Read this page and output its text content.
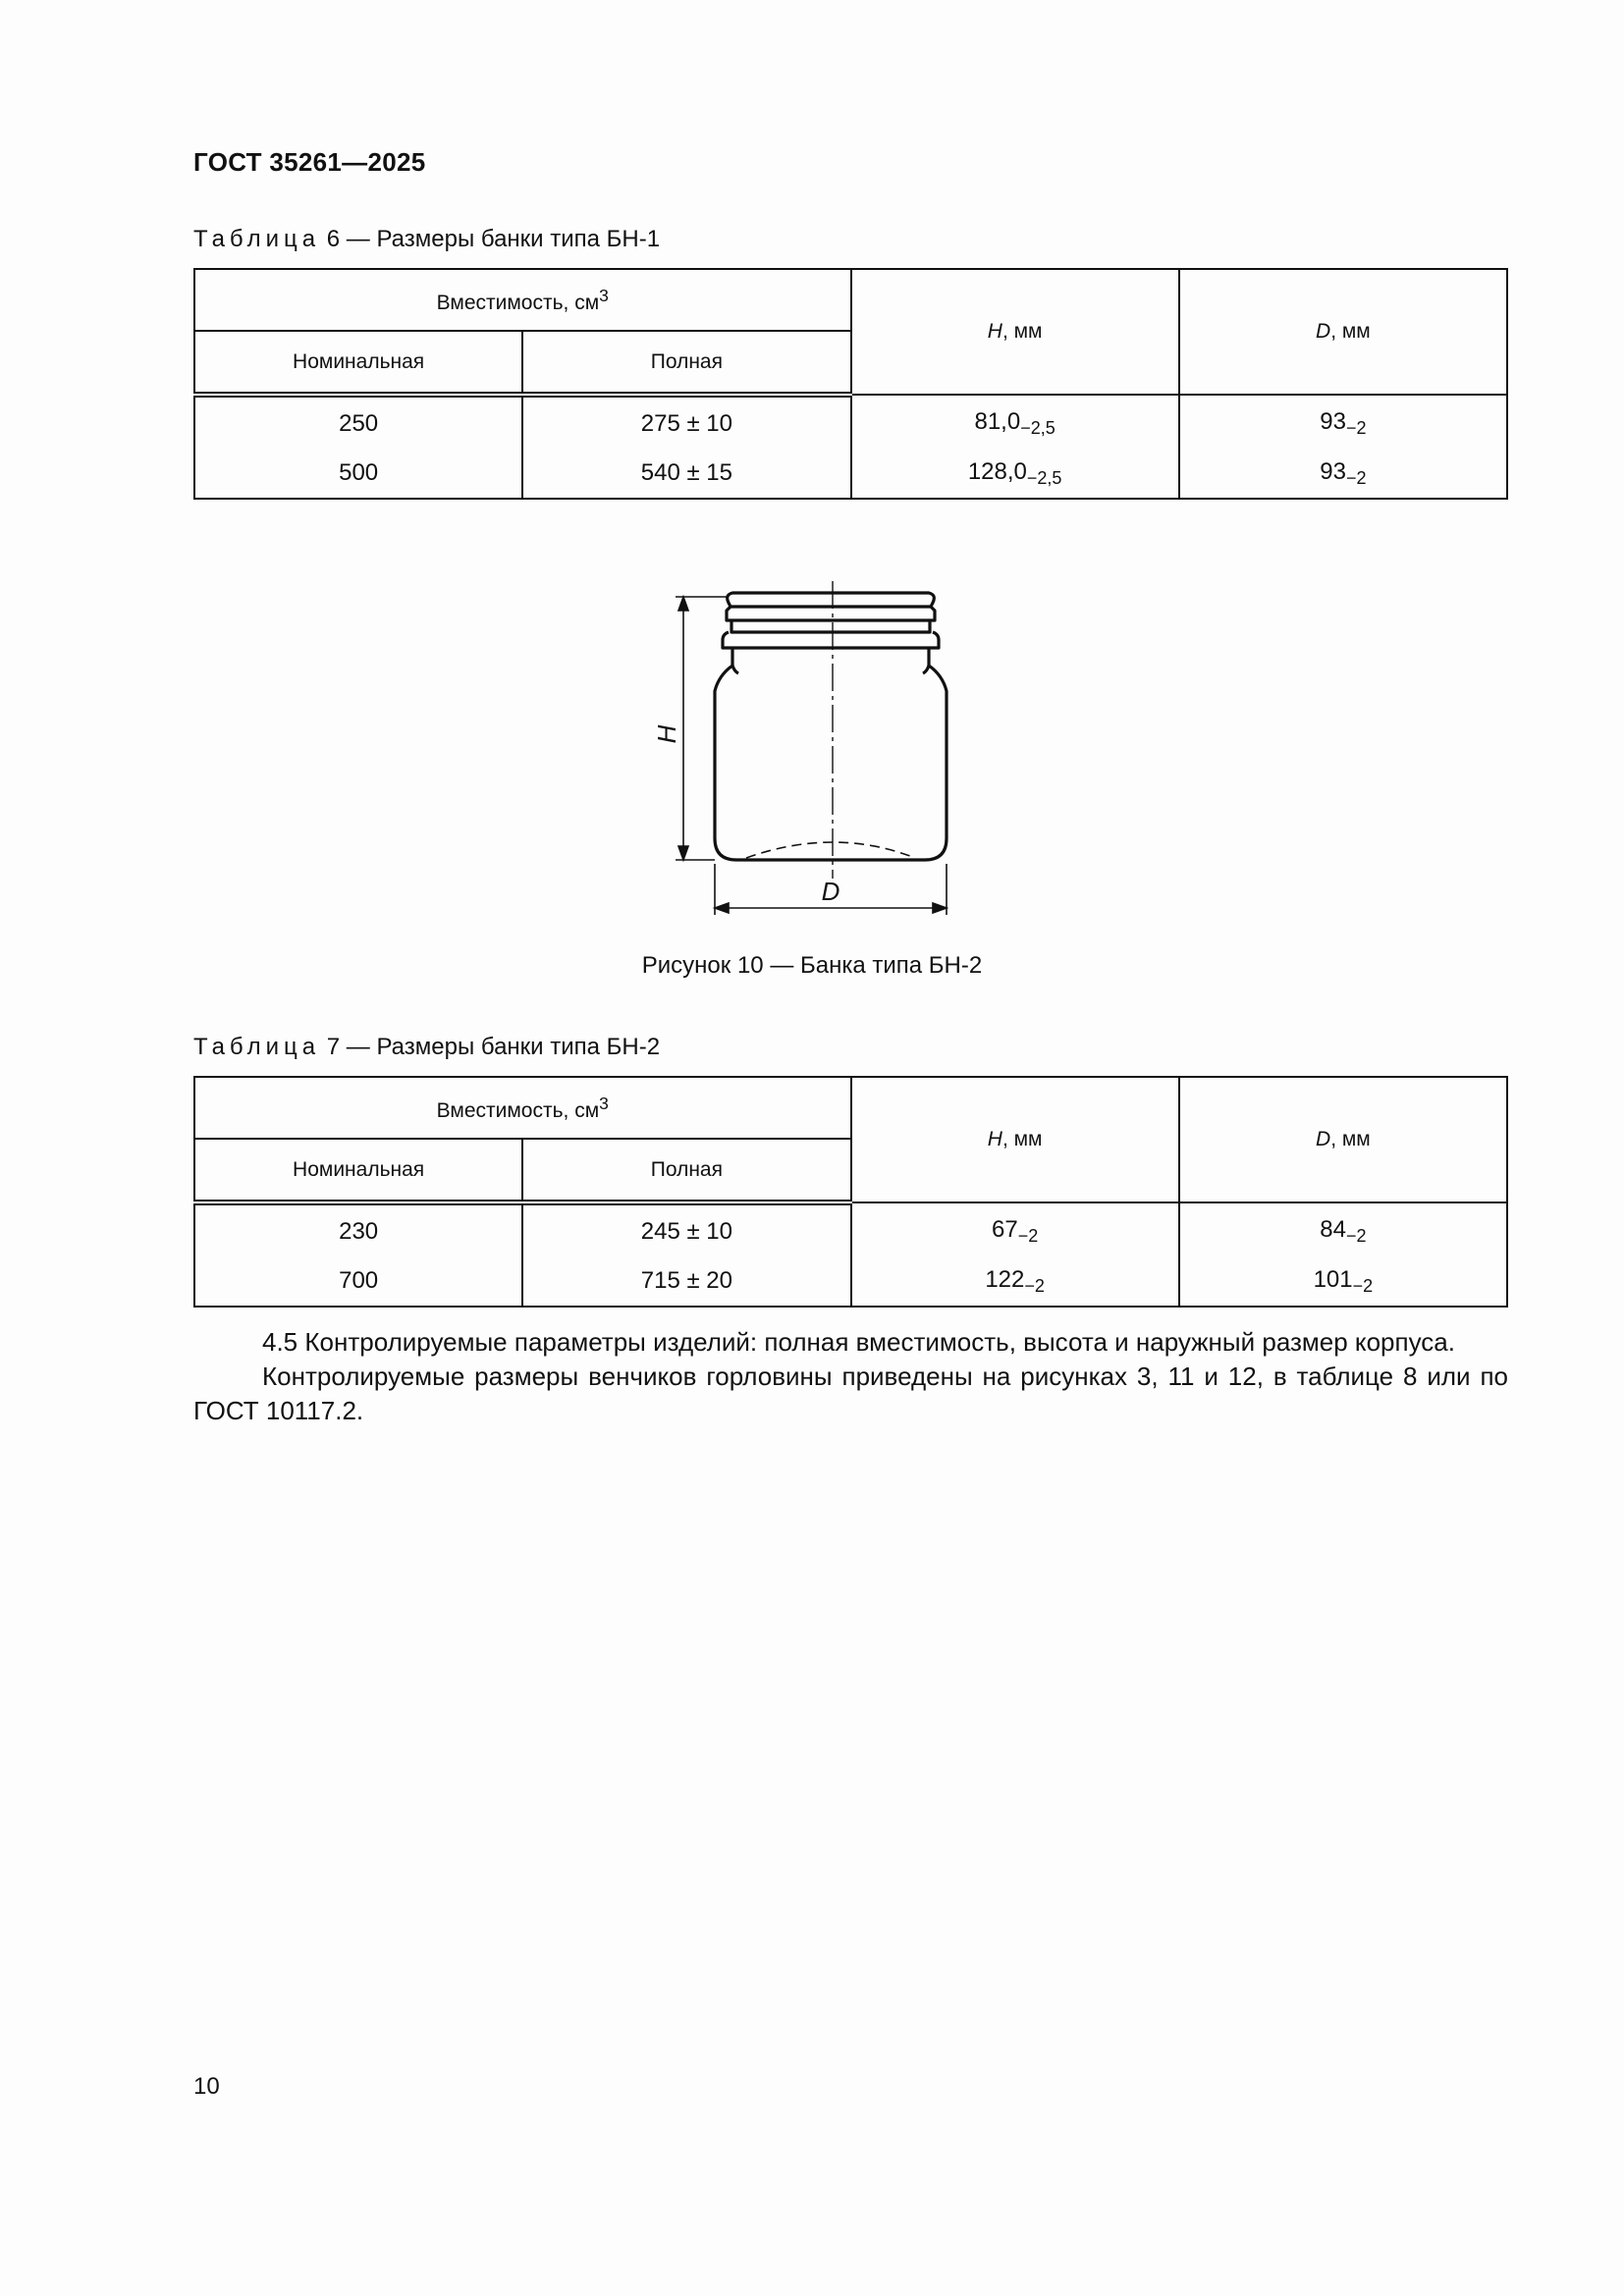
ГОСТ 35261—2025
Таблица 6 — Размеры банки типа БН-1
Вместимость, $см^3$		H, мм	D, мм
Номинальная	Полная		
250	275 ± 10	$81,0_{-2,5}$	$93_{-2}$
500	540 ± 15	$128,0_{-2,5}$	$93_{-2}$
H
D
Рисунок 10 — Банка типа БН-2
Таблица 7 — Размеры банки типа БН-2
Вместимость, $см^3$		H, мм	D, мм
Номинальная	Полная		
230	245 ± 10	$67_{-2}$	$84_{-2}$
700	715 ± 20	$122_{-2}$	$101_{-2}$

4.5 Контролируемые параметры изделий: полная вместимость, высота и наружный размер корпуса.

Контролируемые размеры венчиков горловины приведены на рисунках 3, 11 и 12, в таблице 8 или по ГОСТ 10117.2.

10
